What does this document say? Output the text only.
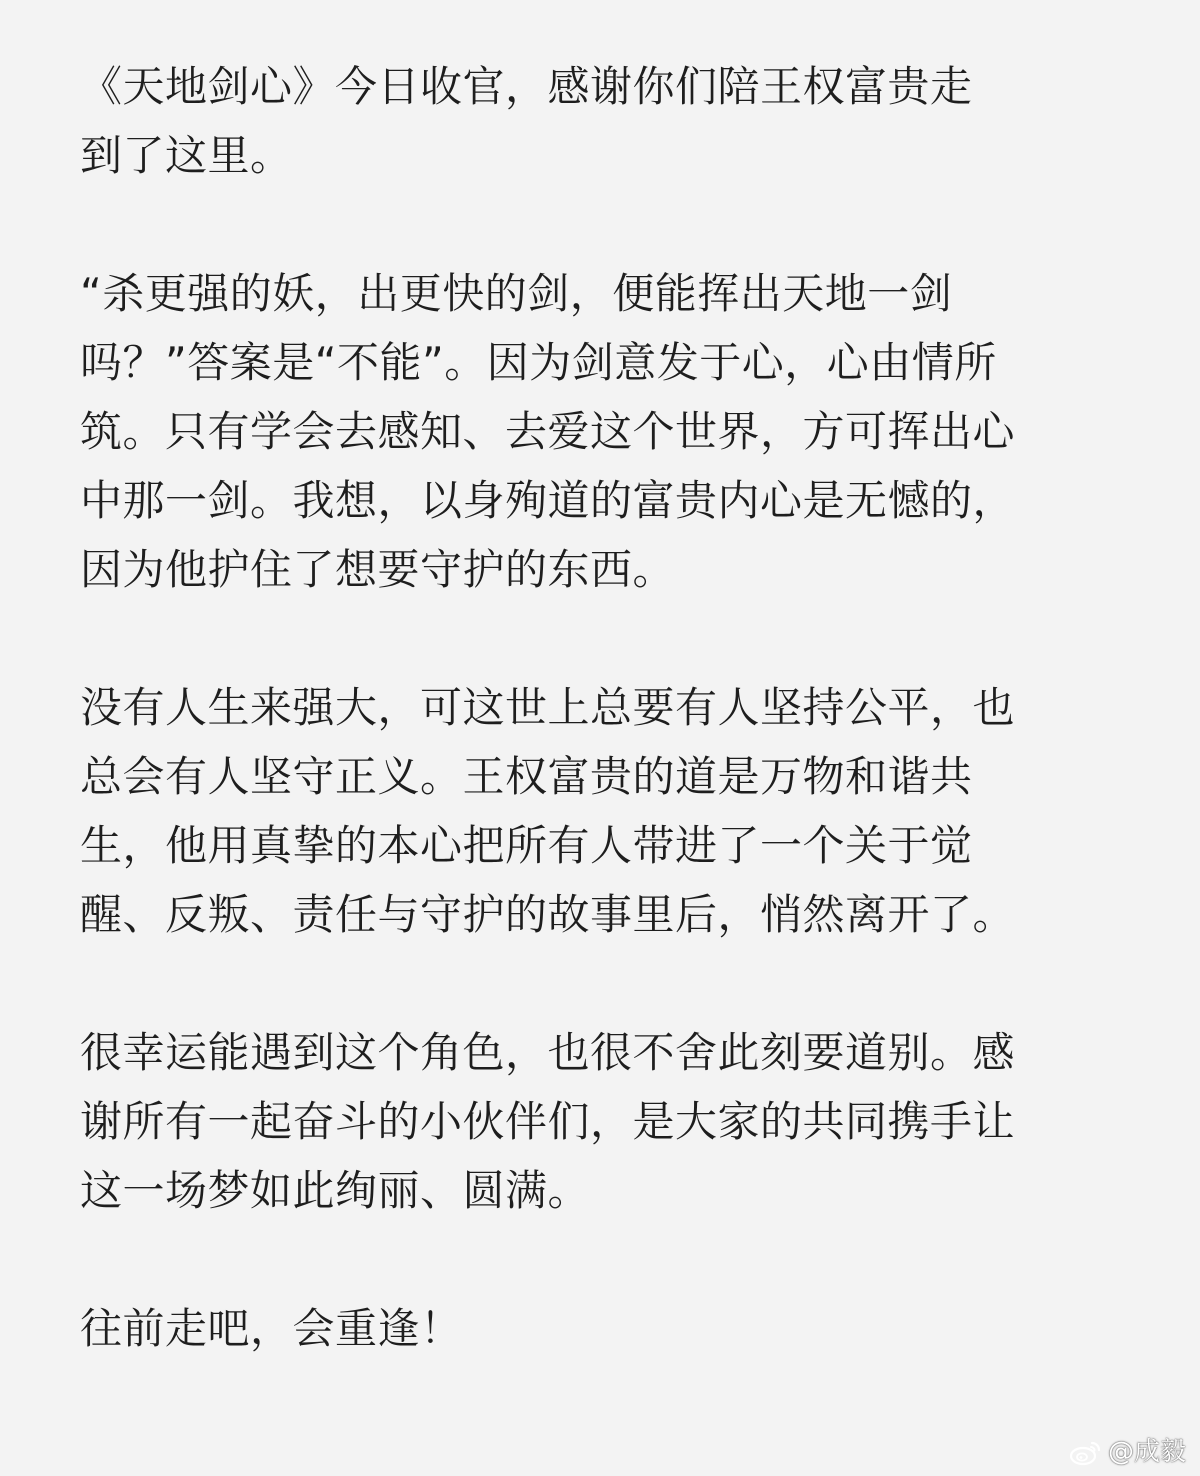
《天地剑心》今日收官，感谢你们陪王权富贵走
到了这里。
“杀更强的妖，出更快的剑，便能挥出天地一剑
吗？”答案是“不能”。因为剑意发于心，心由情所
筑。只有学会去感知、去爱这个世界，方可挥出心
中那一剑。我想，以身殉道的富贵内心是无憾的，
因为他护住了想要守护的东西。
没有人生来强大，可这世上总要有人坚持公平，也
总会有人坚守正义。王权富贵的道是万物和谐共
生，他用真挚的本心把所有人带进了一个关于觉
醒、反叛、责任与守护的故事里后，悄然离开了。
很幸运能遇到这个角色，也很不舍此刻要道别。感
谢所有一起奋斗的小伙伴们，是大家的共同携手让
这一场梦如此绚丽、圆满。
往前走吧，会重逢！
@成毅
